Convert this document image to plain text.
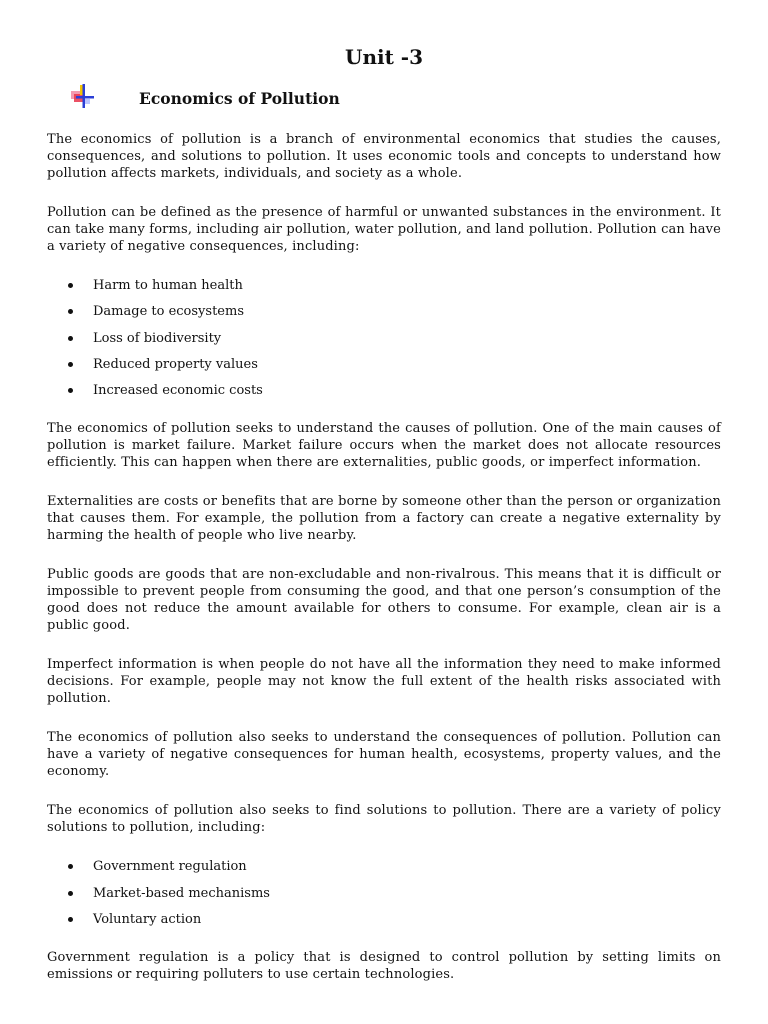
Unit -3
Economics of Pollution

The economics of pollution is a branch of environmental economics that studies the causes, consequences, and solutions to pollution. It uses economic tools and concepts to understand how pollution affects markets, individuals, and society as a whole.

Pollution can be defined as the presence of harmful or unwanted substances in the environment. It can take many forms, including air pollution, water pollution, and land pollution. Pollution can have a variety of negative consequences, including:

Harm to human health
Damage to ecosystems
Loss of biodiversity
Reduced property values
Increased economic costs

The economics of pollution seeks to understand the causes of pollution. One of the main causes of pollution is market failure. Market failure occurs when the market does not allocate resources efficiently. This can happen when there are externalities, public goods, or imperfect information.

Externalities are costs or benefits that are borne by someone other than the person or organization that causes them. For example, the pollution from a factory can create a negative externality by harming the health of people who live nearby.

Public goods are goods that are non-excludable and non-rivalrous. This means that it is difficult or impossible to prevent people from consuming the good, and that one person’s consumption of the good does not reduce the amount available for others to consume. For example, clean air is a public good.

Imperfect information is when people do not have all the information they need to make informed decisions. For example, people may not know the full extent of the health risks associated with pollution.

The economics of pollution also seeks to understand the consequences of pollution. Pollution can have a variety of negative consequences for human health, ecosystems, property values, and the economy.

The economics of pollution also seeks to find solutions to pollution. There are a variety of policy solutions to pollution, including:

Government regulation
Market-based mechanisms
Voluntary action

Government regulation is a policy that is designed to control pollution by setting limits on emissions or requiring polluters to use certain technologies.
